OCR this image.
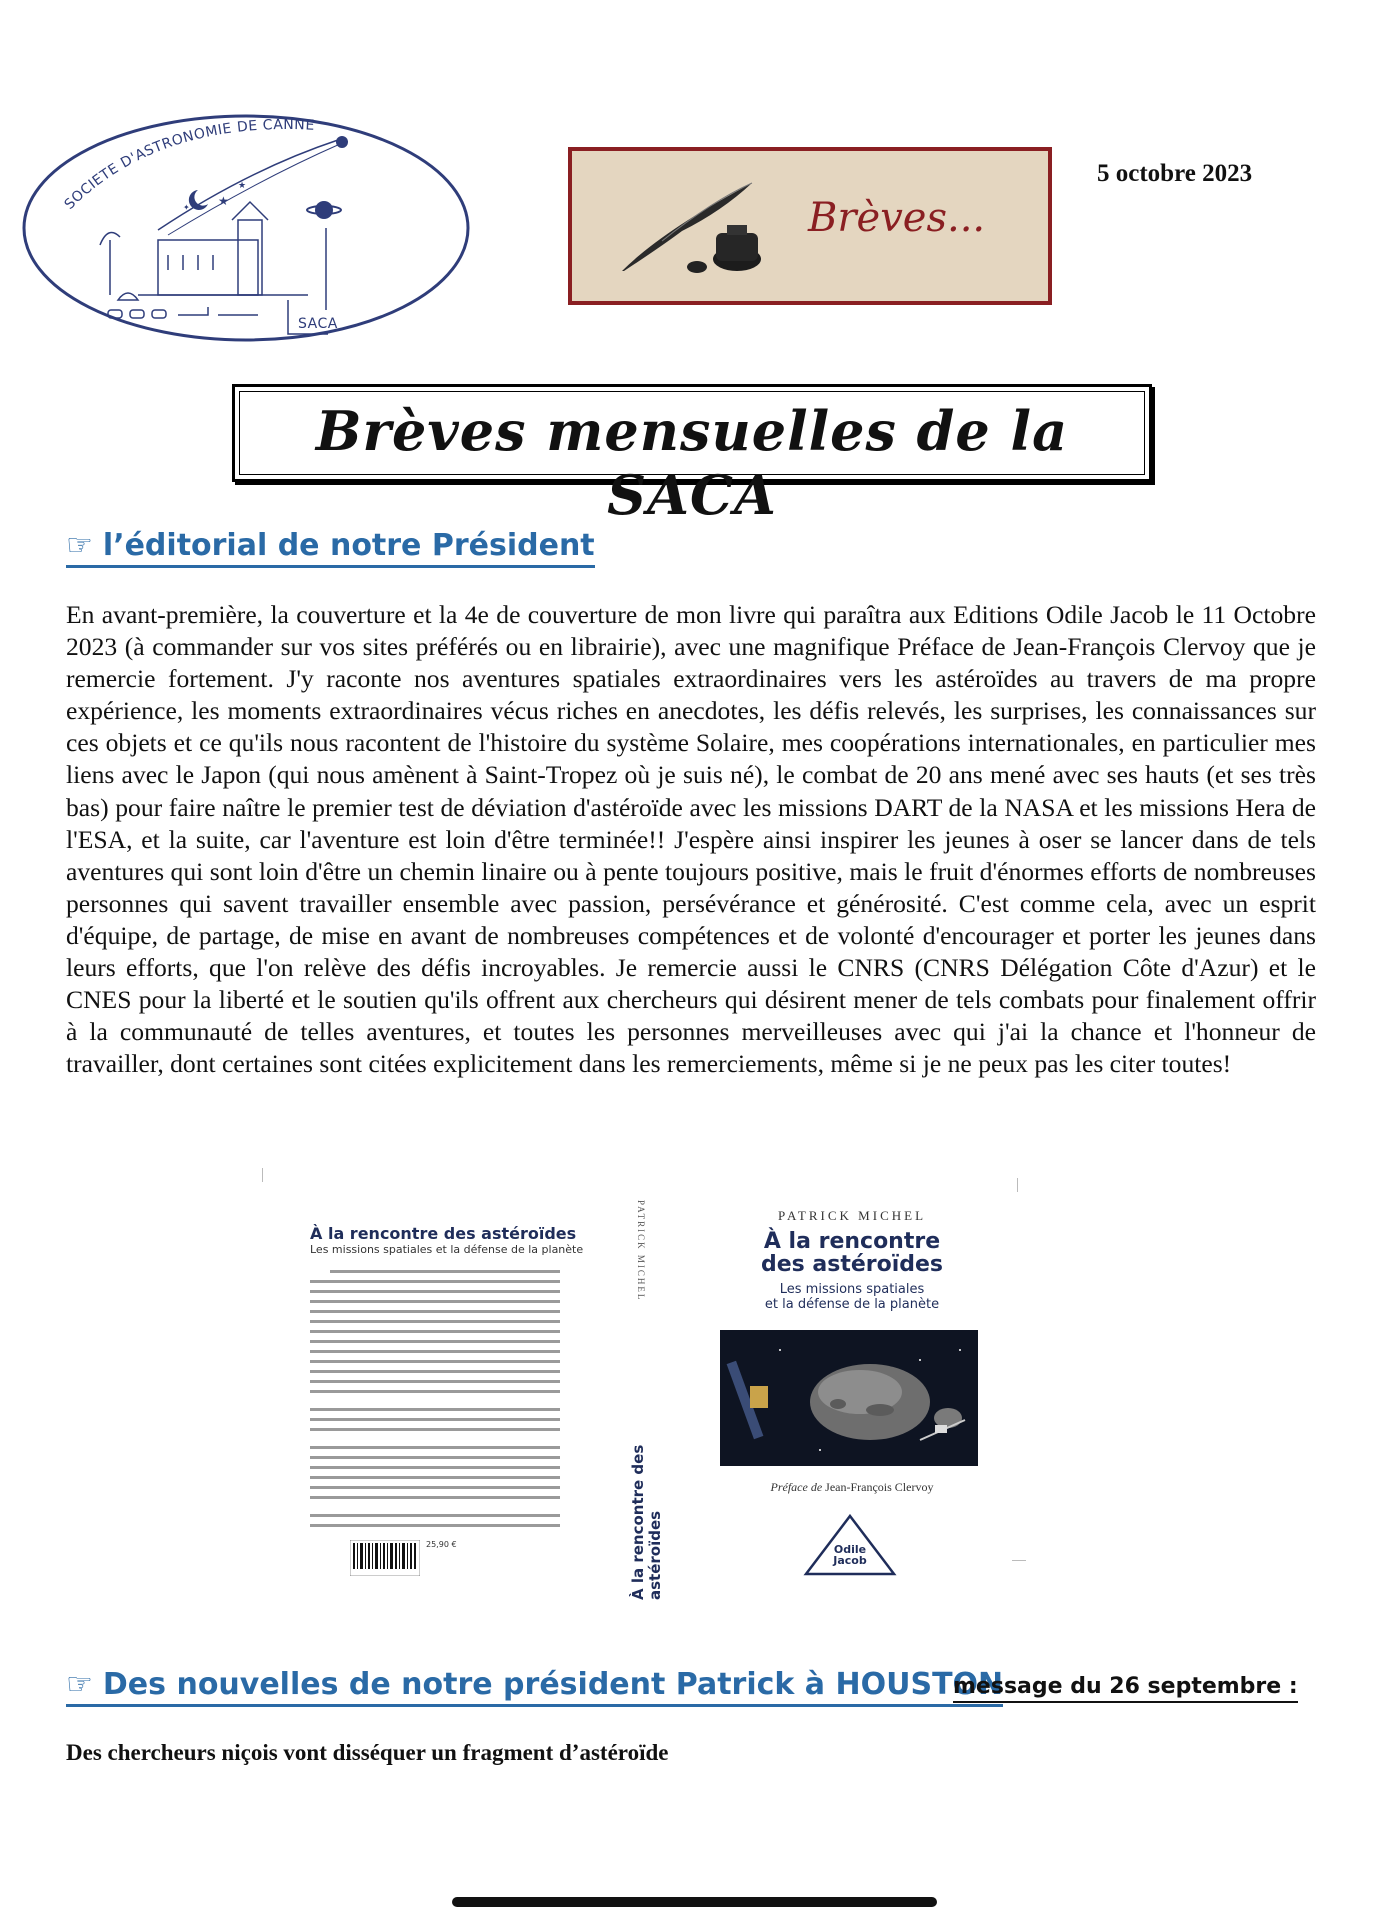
SOCIETE D'ASTRONOMIE DE CANNE
★
★
✦
SACA
Brèves...
5 octobre 2023
Brèves mensuelles de la SACA
☞ l’éditorial de notre Président

En avant-première, la couverture et la 4e de couverture de mon livre qui paraîtra aux Editions Odile Jacob le 11 Octobre 2023 (à commander sur vos sites préférés ou en librairie), avec une magnifique Préface de Jean-François Clervoy que je remercie fortement. J'y raconte nos aventures spatiales extraordinaires vers les astéroïdes au travers de ma propre expérience, les moments extraordinaires vécus riches en anecdotes, les défis relevés, les surprises, les connaissances sur ces objets et ce qu'ils nous racontent de l'histoire du système Solaire, mes coopérations internationales, en particulier mes liens avec le Japon (qui nous amènent à Saint-Tropez où je suis né), le combat de 20 ans mené avec ses hauts (et ses très bas) pour faire naître le premier test de déviation d'astéroïde avec les missions DART de la NASA et les missions Hera de l'ESA, et la suite, car l'aventure est loin d'être terminée!! J'espère ainsi inspirer les jeunes à oser se lancer dans de tels aventures qui sont loin d'être un chemin linaire ou à pente toujours positive, mais le fruit d'énormes efforts de nombreuses personnes qui savent travailler ensemble avec passion, persévérance et générosité. C'est comme cela, avec un esprit d'équipe, de partage, de mise en avant de nombreuses compétences et de volonté d'encourager et porter les jeunes dans leurs efforts, que l'on relève des défis incroyables. Je remercie aussi le CNRS (CNRS Délégation Côte d'Azur) et le CNES pour la liberté et le soutien qu'ils offrent aux chercheurs qui désirent mener de tels combats pour finalement offrir à la communauté de telles aventures, et toutes les personnes merveilleuses avec qui j'ai la chance et l'honneur de travailler, dont certaines sont citées explicitement dans les remerciements, même si je ne peux pas les citer toutes!

À la rencontre des astéroïdes
Les missions spatiales et la défense de la planète
25,90 €
PATRICK MICHEL
À la rencontre des astéroïdes
PATRICK MICHEL
À la rencontre
des astéroïdes
Les missions spatiales
et la défense de la planète
Préface de Jean-François Clervoy
Odile
Jacob
☞ Des nouvelles de notre président Patrick à HOUSTON
message du 26 septembre :
Des chercheurs niçois vont disséquer un fragment d’astéroïde
